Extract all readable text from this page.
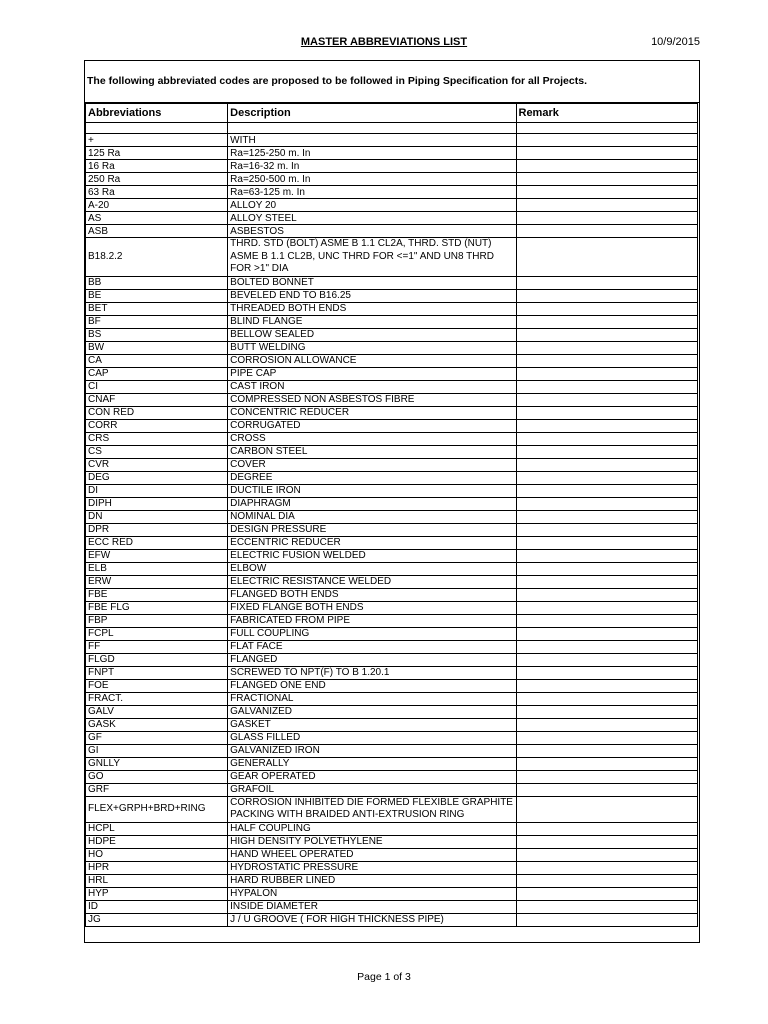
MASTER ABBREVIATIONS LIST	10/9/2015
The following abbreviated codes are proposed to be followed in Piping Specification for all Projects.
Abbreviations	Description	Remark

+	WITH	
125 Ra	Ra=125-250 m. In	
16 Ra	Ra=16-32 m. In	
250 Ra	Ra=250-500 m. In	
63 Ra	Ra=63-125 m. In	
A-20	ALLOY 20	
AS	ALLOY STEEL	
ASB	ASBESTOS	
B18.2.2	THRD. STD (BOLT) ASME B 1.1 CL2A, THRD. STD (NUT) ASME B 1.1 CL2B, UNC THRD FOR <=1" AND UN8 THRD FOR >1" DIA	
BB	BOLTED BONNET	
BE	BEVELED END TO B16.25	
BET	THREADED BOTH ENDS	
BF	BLIND FLANGE	
BS	BELLOW SEALED	
BW	BUTT WELDING	
CA	CORROSION ALLOWANCE	
CAP	PIPE CAP	
CI	CAST IRON	
CNAF	COMPRESSED NON ASBESTOS FIBRE	
CON RED	CONCENTRIC REDUCER	
CORR	CORRUGATED	
CRS	CROSS	
CS	CARBON STEEL	
CVR	COVER	
DEG	DEGREE	
DI	DUCTILE IRON	
DIPH	DIAPHRAGM	
DN	NOMINAL DIA	
DPR	DESIGN PRESSURE	
ECC RED	ECCENTRIC REDUCER	
EFW	ELECTRIC FUSION WELDED	
ELB	ELBOW	
ERW	ELECTRIC RESISTANCE WELDED	
FBE	FLANGED BOTH ENDS	
FBE FLG	FIXED FLANGE BOTH ENDS	
FBP	FABRICATED FROM PIPE	
FCPL	FULL COUPLING	
FF	FLAT FACE	
FLGD	FLANGED	
FNPT	SCREWED TO NPT(F) TO B 1.20.1	
FOE	FLANGED ONE END	
FRACT.	FRACTIONAL	
GALV	GALVANIZED	
GASK	GASKET	
GF	GLASS FILLED	
GI	GALVANIZED IRON	
GNLLY	GENERALLY	
GO	GEAR OPERATED	
GRF	GRAFOIL	
FLEX+GRPH+BRD+RING	CORROSION INHIBITED DIE FORMED FLEXIBLE GRAPHITE PACKING WITH BRAIDED ANTI-EXTRUSION RING	
HCPL	HALF COUPLING	
HDPE	HIGH DENSITY POLYETHYLENE	
HO	HAND WHEEL OPERATED	
HPR	HYDROSTATIC PRESSURE	
HRL	HARD RUBBER LINED	
HYP	HYPALON	
ID	INSIDE DIAMETER	
JG	J / U GROOVE ( FOR HIGH THICKNESS PIPE)	
Page 1 of 3
